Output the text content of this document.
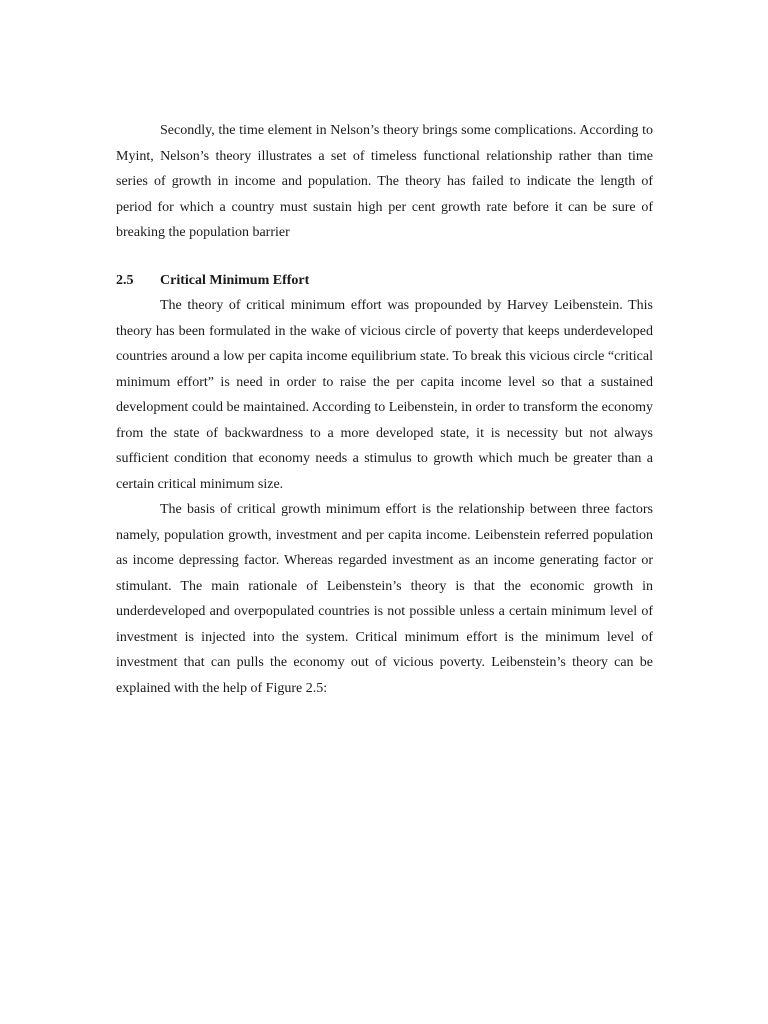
Secondly, the time element in Nelson’s theory brings some complications. According to Myint, Nelson’s theory illustrates a set of timeless functional relationship rather than time series of growth in income and population. The theory has failed to indicate the length of period for which a country must sustain high per cent growth rate before it can be sure of breaking the population barrier

2.5	Critical Minimum Effort

The theory of critical minimum effort was propounded by Harvey Leibenstein. This theory has been formulated in the wake of vicious circle of poverty that keeps underdeveloped countries around a low per capita income equilibrium state. To break this vicious circle “critical minimum effort” is need in order to raise the per capita income level so that a sustained development could be maintained. According to Leibenstein, in order to transform the economy from the state of backwardness to a more developed state, it is necessity but not always sufficient condition that economy needs a stimulus to growth which much be greater than a certain critical minimum size.

The basis of critical growth minimum effort is the relationship between three factors namely, population growth, investment and per capita income. Leibenstein referred population as income depressing factor. Whereas regarded investment as an income generating factor or stimulant. The main rationale of Leibenstein’s theory is that the economic growth in underdeveloped and overpopulated countries is not possible unless a certain minimum level of investment is injected into the system. Critical minimum effort is the minimum level of investment that can pulls the economy out of vicious poverty. Leibenstein’s theory can be explained with the help of Figure 2.5:
